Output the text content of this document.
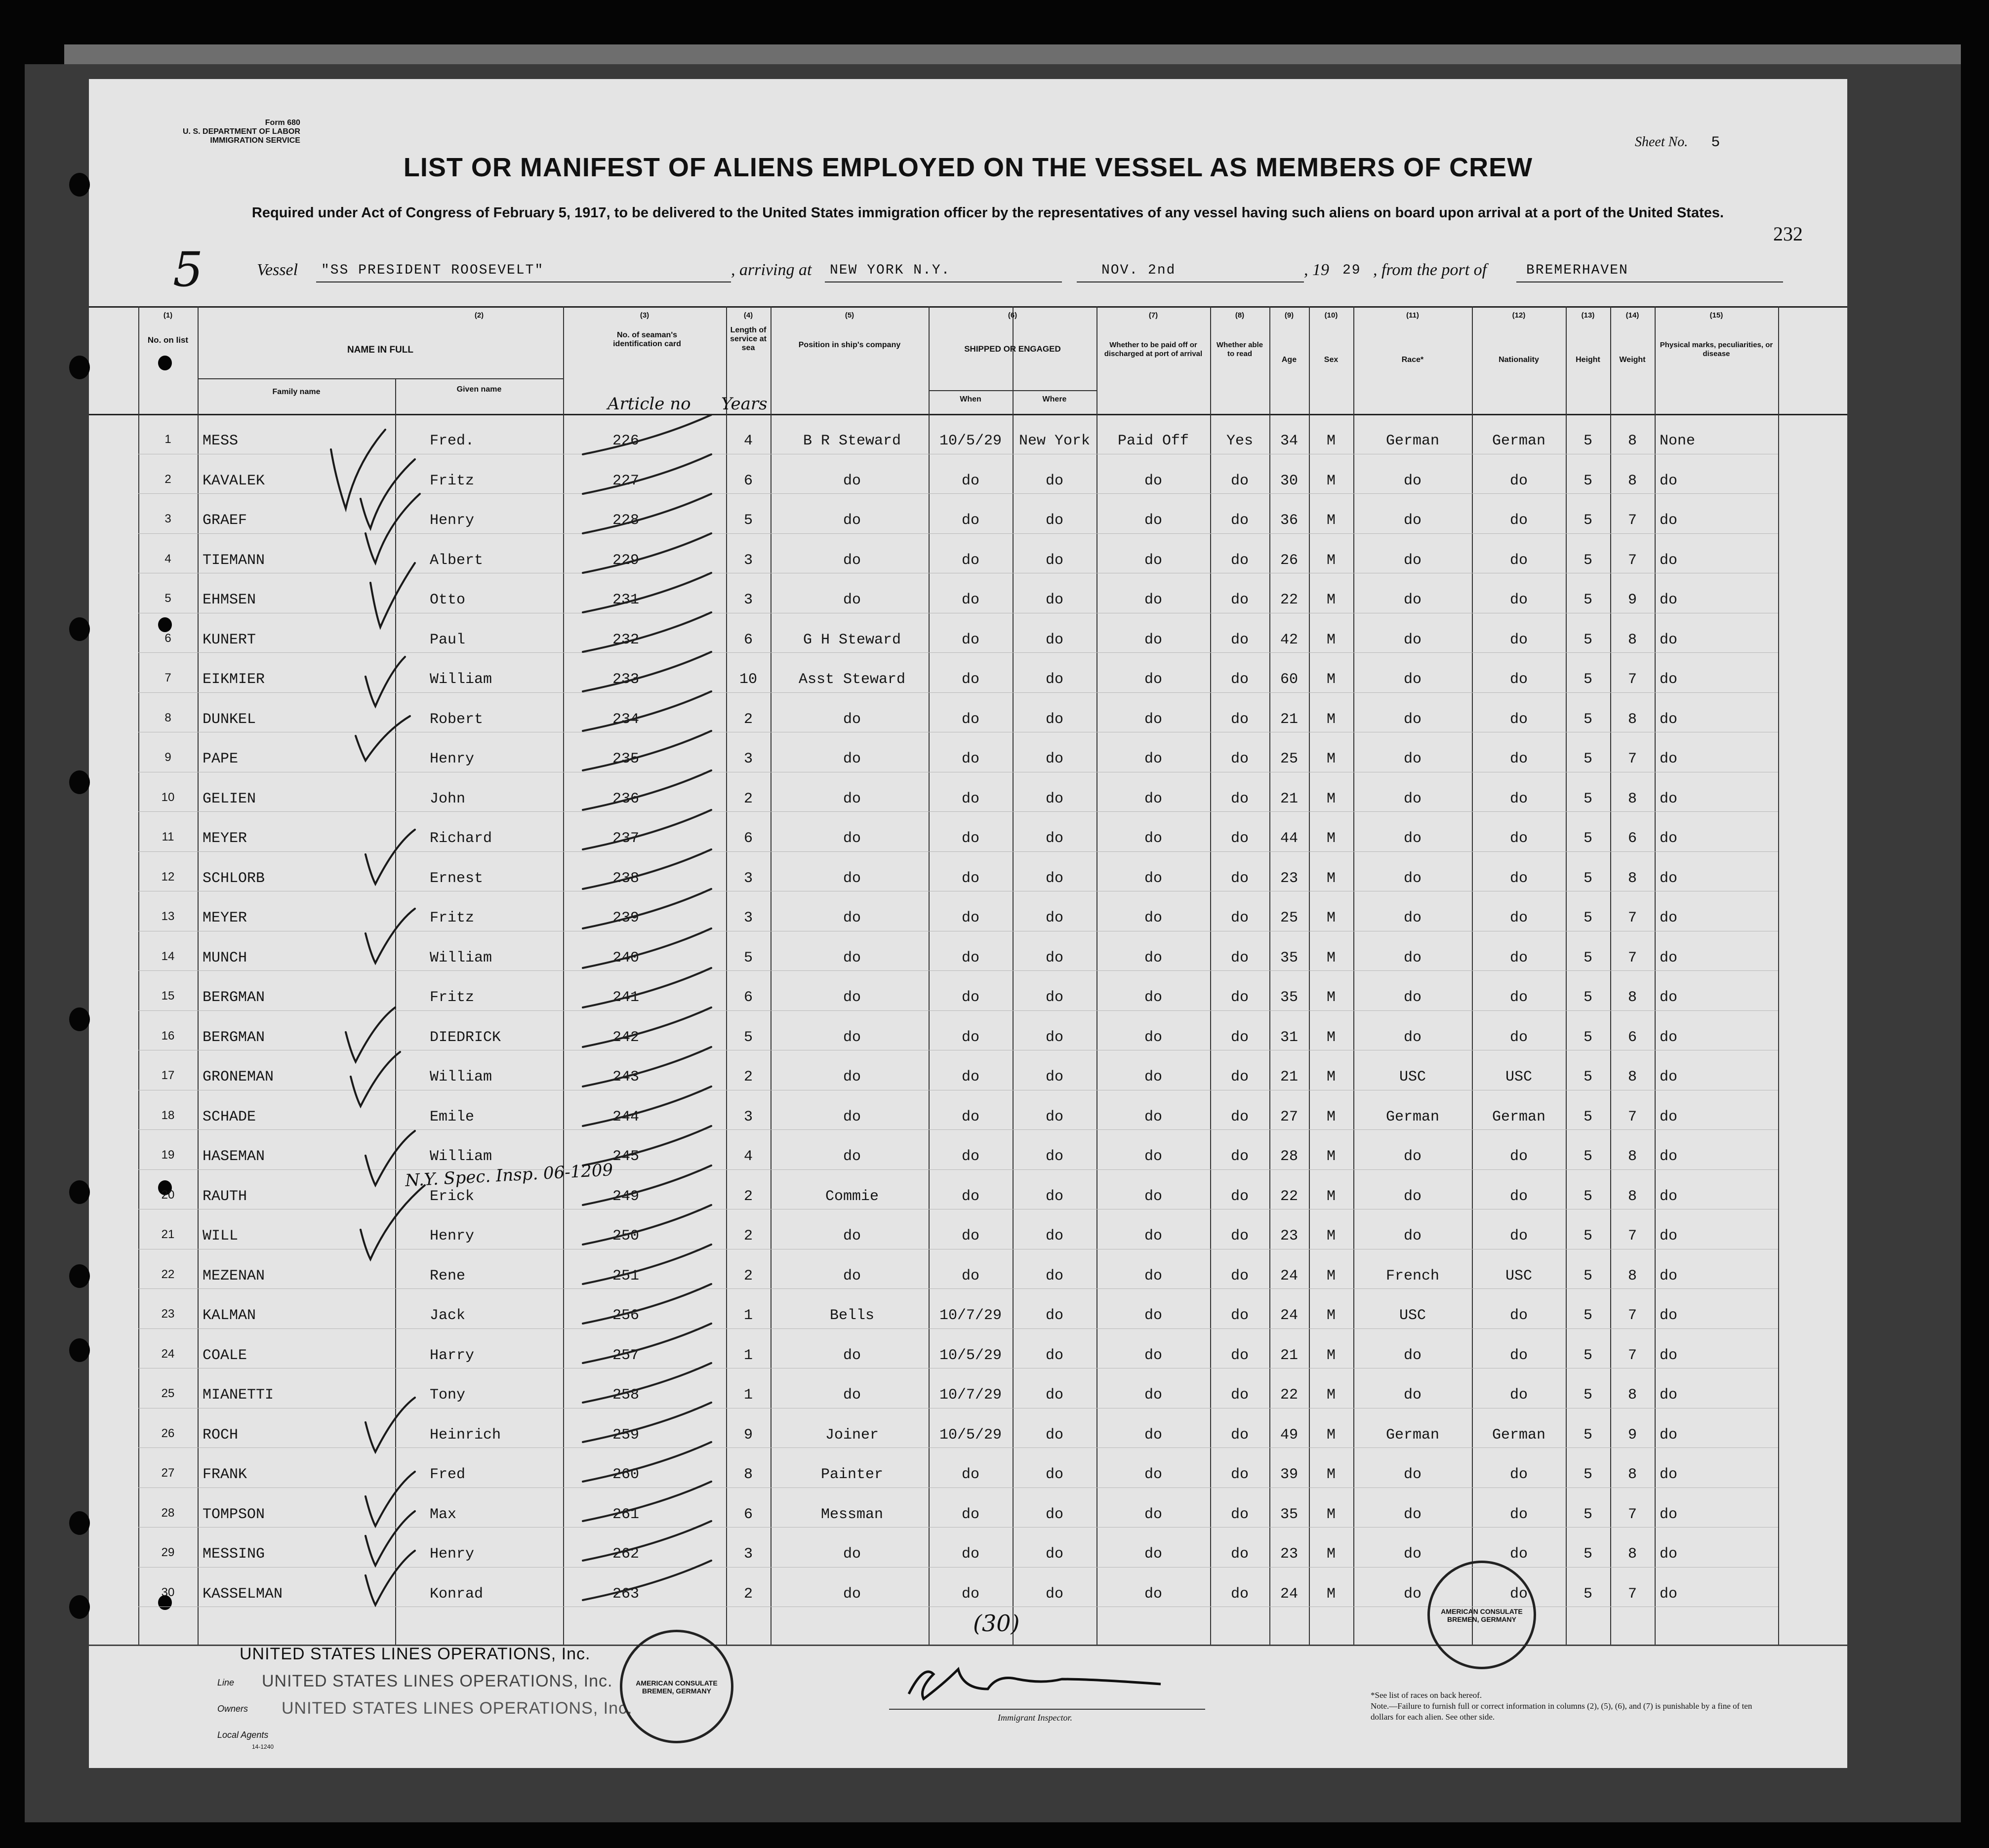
Form 680
U. S. DEPARTMENT OF LABOR
IMMIGRATION SERVICE
LIST OR MANIFEST OF ALIENS EMPLOYED ON THE VESSEL AS MEMBERS OF CREW
Required under Act of Congress of February 5, 1917, to be delivered to the United States immigration officer by the representatives of any vessel having such aliens on board upon arrival at a port of the United States.
Sheet No. 5
232
5	Vessel "SS PRESIDENT ROOSEVELT"	, arriving at NEW YORK N.Y.	NOV. 2nd	, 19 29 , from the port of	BREMERHAVEN
(1)	(2)	(3)	(4)	(5)	(6)	(7)	(8)	(9)	(10)	(11)	(12)	(13)	(14)	(15)
No. on list
NAME IN FULL
Family name	Given name
No. of seaman's identification card
Length of service at sea	Position in ship's company	SHIPPED OR ENGAGED
When	Where
Whether to be paid off or discharged at port of arrival
Whether able to read
Age	Sex	Race*	Nationality	Height	Weight
Physical marks, peculiarities, or disease
Article no Years
1	MESS	Fred.	226	4	B R Steward	10/5/29	New York	Paid Off	Yes	34	M	German	German	5	8	None
2	KAVALEK	Fritz	227	6	do	do	do	do	do	30	M	do	do	5	8	do
3	GRAEF	Henry	228	5	do	do	do	do	do	36	M	do	do	5	7	do
4	TIEMANN	Albert	229	3	do	do	do	do	do	26	M	do	do	5	7	do
5	EHMSEN	Otto	231	3	do	do	do	do	do	22	M	do	do	5	9	do
6	KUNERT	Paul	232	6	G H Steward	do	do	do	do	42	M	do	do	5	8	do
7	EIKMIER	William	233	10	Asst Steward	do	do	do	do	60	M	do	do	5	7	do
8	DUNKEL	Robert	234	2	do	do	do	do	do	21	M	do	do	5	8	do
9	PAPE	Henry	235	3	do	do	do	do	do	25	M	do	do	5	7	do
10	GELIEN	John	236	2	do	do	do	do	do	21	M	do	do	5	8	do
11	MEYER	Richard	237	6	do	do	do	do	do	44	M	do	do	5	6	do
12	SCHLORB	Ernest	238	3	do	do	do	do	do	23	M	do	do	5	8	do
13	MEYER	Fritz	239	3	do	do	do	do	do	25	M	do	do	5	7	do
14	MUNCH	William	240	5	do	do	do	do	do	35	M	do	do	5	7	do
15	BERGMAN	Fritz	241	6	do	do	do	do	do	35	M	do	do	5	8	do
16	BERGMAN	DIEDRICK	242	5	do	do	do	do	do	31	M	do	do	5	6	do
17	GRONEMAN	William	243	2	do	do	do	do	do	21	M	USC	USC	5	8	do
18	SCHADE	Emile	244	3	do	do	do	do	do	27	M	German	German	5	7	do
19	HASEMAN	William	245	4	do	do	do	do	do	28	M	do	do	5	8	do
20	RAUTH	Erick	249	2	Commie	do	do	do	do	22	M	do	do	5	8	do
21	WILL	Henry	250	2	do	do	do	do	do	23	M	do	do	5	7	do
22	MEZENAN	Rene	251	2	do	do	do	do	do	24	M	French	USC	5	8	do
23	KALMAN	Jack	256	1	Bells	10/7/29	do	do	do	24	M	USC	do	5	7	do
24	COALE	Harry	257	1	do	10/5/29	do	do	do	21	M	do	do	5	7	do
25	MIANETTI	Tony	258	1	do	10/7/29	do	do	do	22	M	do	do	5	8	do
26	ROCH	Heinrich	259	9	Joiner	10/5/29	do	do	do	49	M	German	German	5	9	do
27	FRANK	Fred	260	8	Painter	do	do	do	do	39	M	do	do	5	8	do
28	TOMPSON	Max	261	6	Messman	do	do	do	do	35	M	do	do	5	7	do
29	MESSING	Henry	262	3	do	do	do	do	do	23	M	do	do	5	8	do
30	KASSELMAN	Konrad	263	2	do	do	do	do	do	24	M	do	do	5	7	do
N.Y. Spec. Insp. 06-1209
(30)
UNITED STATES LINES OPERATIONS, Inc.
UNITED STATES LINES OPERATIONS, Inc.
UNITED STATES LINES OPERATIONS, Inc.
Line
Owners
Local Agents
14-1240
AMERICAN CONSULATE BREMEN, GERMANY
AMERICAN CONSULATE BREMEN, GERMANY
Immigrant Inspector.
*See list of races on back hereof.
Note.—Failure to furnish full or correct information in columns (2), (5), (6), and (7) is punishable by a fine of ten dollars for each alien. See other side.
